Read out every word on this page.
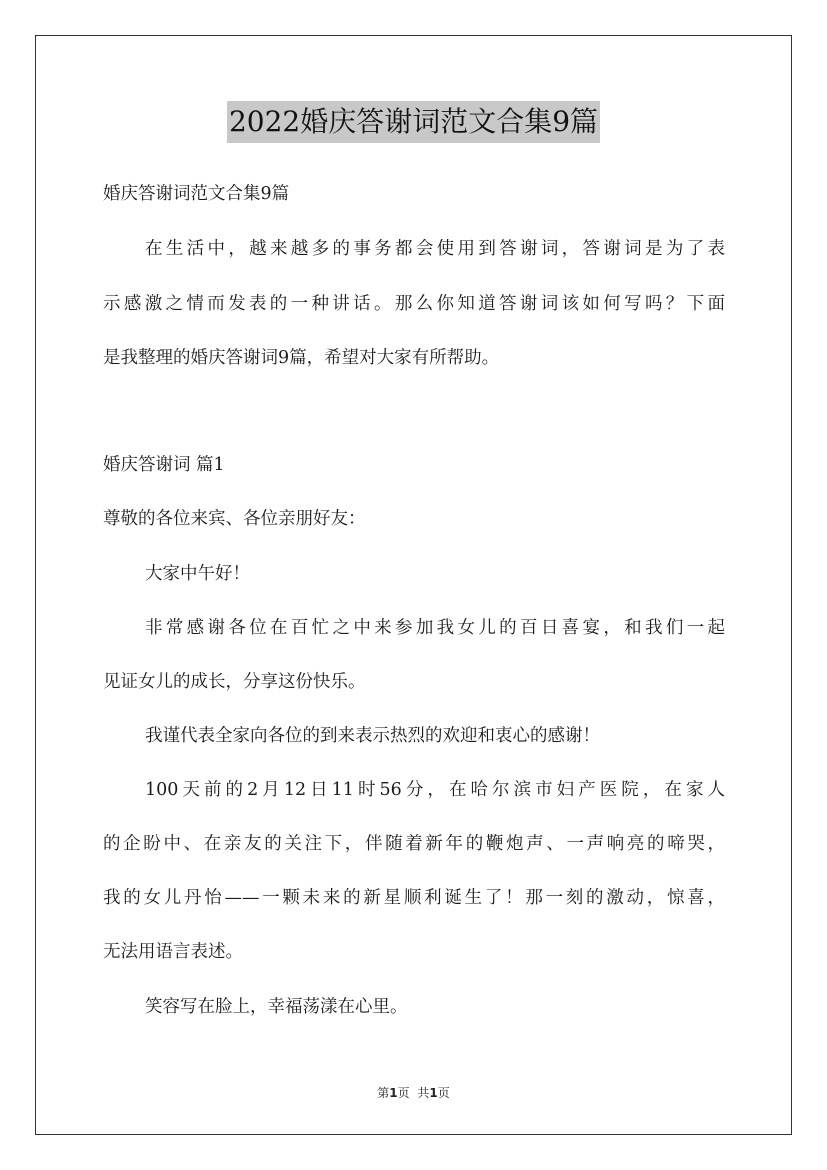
2022婚庆答谢词范文合集9篇
婚庆答谢词范文合集9篇
在生活中，越来越多的事务都会使用到答谢词，答谢词是为了表
示感激之情而发表的一种讲话。那么你知道答谢词该如何写吗？下面
是我整理的婚庆答谢词9篇，希望对大家有所帮助。
婚庆答谢词 篇1
尊敬的各位来宾、各位亲朋好友：
大家中午好！
非常感谢各位在百忙之中来参加我女儿的百日喜宴，和我们一起
见证女儿的成长，分享这份快乐。
我谨代表全家向各位的到来表示热烈的欢迎和衷心的感谢！
100天前的2月12日11时56分，在哈尔滨市妇产医院，在家人
的企盼中、在亲友的关注下，伴随着新年的鞭炮声、一声响亮的啼哭，
我的女儿丹怡——一颗未来的新星顺利诞生了！那一刻的激动，惊喜，
无法用语言表述。
笑容写在脸上，幸福荡漾在心里。
第1页 共1页
